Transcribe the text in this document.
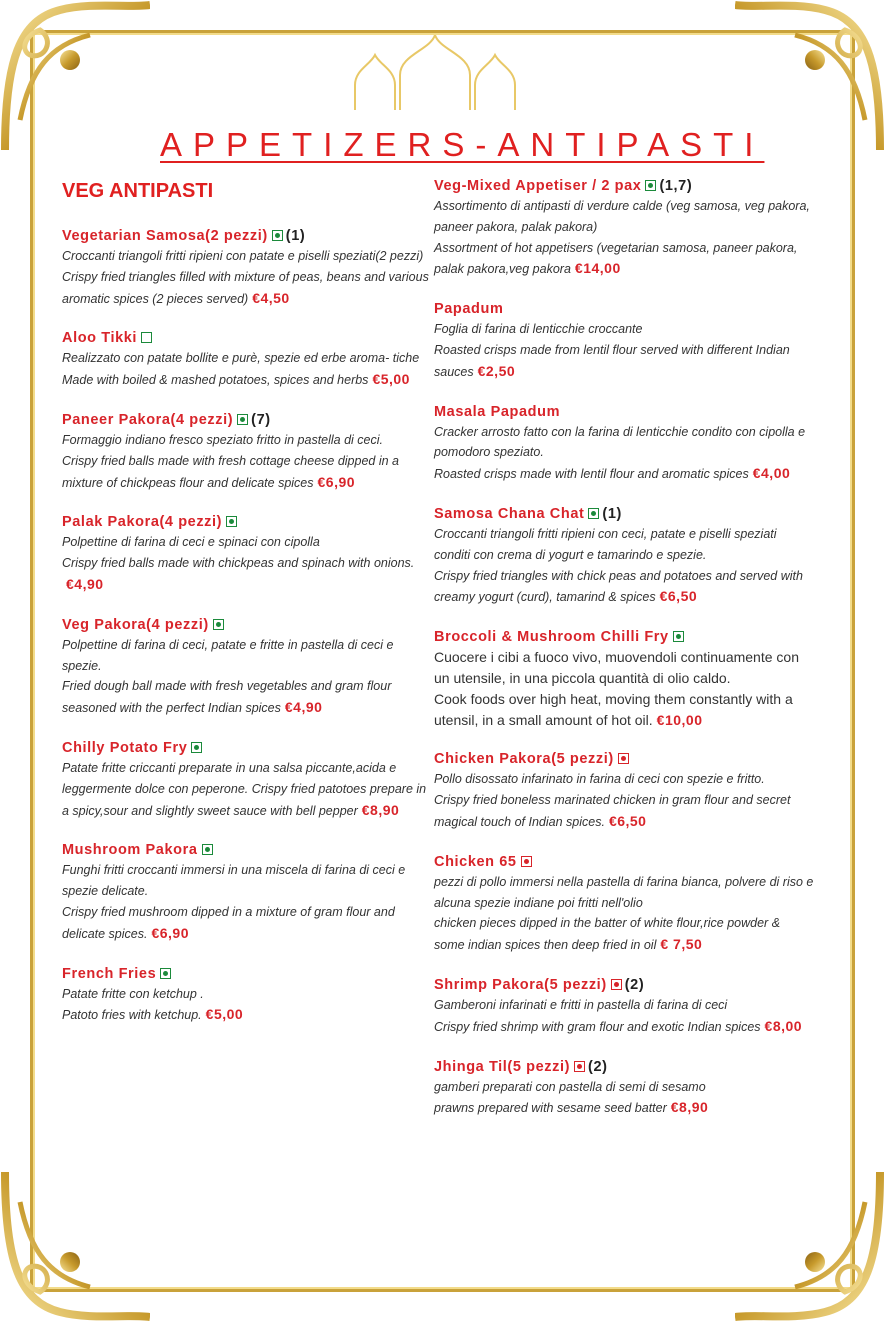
APPETIZERS-ANTIPASTI
VEG ANTIPASTI
Vegetarian Samosa(2 pezzi) (1)
Croccanti triangoli fritti ripieni con patate e piselli speziati(2 pezzi)
Crispy fried triangles filled with mixture of peas, beans and various aromatic spices (2 pieces served) €4,50
Aloo Tikki
Realizzato con patate bollite e purè, spezie ed erbe aroma- tiche
Made with boiled & mashed potatoes, spices and herbs €5,00
Paneer Pakora(4 pezzi) (7)
Formaggio indiano fresco speziato fritto in pastella di ceci.
Crispy fried balls made with fresh cottage cheese dipped in a mixture of chickpeas flour and delicate spices €6,90
Palak Pakora(4 pezzi)
Polpettine di farina di ceci e spinaci con cipolla
Crispy fried balls made with chickpeas and spinach with onions.€4,90
Veg Pakora(4 pezzi)
Polpettine di farina di ceci, patate e fritte in pastella di ceci e spezie.
Fried dough ball made with fresh vegetables and gram flour seasoned with the perfect Indian spices €4,90
Chilly Potato Fry
Patate fritte criccanti preparate in una salsa piccante,acida e leggermente dolce con peperone. Crispy fried patotoes prepare in a spicy,sour and slightly sweet sauce with bell pepper €8,90
Mushroom Pakora
Funghi fritti croccanti immersi in una miscela di farina di ceci e spezie delicate.
Crispy fried mushroom dipped in a mixture of gram flour and delicate spices. €6,90
French Fries
Patate fritte con ketchup .
Patoto fries with ketchup. €5,00
Veg-Mixed Appetiser / 2 pax (1,7)
Assortimento di antipasti di verdure calde (veg samosa, veg pakora, paneer pakora, palak pakora)
Assortment of hot appetisers (vegetarian samosa, paneer pakora, palak pakora,veg pakora €14,00
Papadum
Foglia di farina di lenticchie croccante
Roasted crisps made from lentil flour served with different Indian sauces €2,50
Masala Papadum
Cracker arrosto fatto con la farina di lenticchie condito con cipolla e pomodoro speziato.
Roasted crisps made with lentil flour and aromatic spices €4,00
Samosa Chana Chat (1)
Croccanti triangoli fritti ripieni con ceci, patate e piselli speziati conditi con crema di yogurt e tamarindo e spezie.
Crispy fried triangles with chick peas and potatoes and served with creamy yogurt (curd), tamarind & spices €6,50
Broccoli & Mushroom Chilli Fry
Cuocere i cibi a fuoco vivo, muovendoli continuamente con un utensile, in una piccola quantità di olio caldo.
Cook foods over high heat, moving them constantly with a utensil, in a small amount of hot oil. €10,00
Chicken Pakora(5 pezzi)
Pollo disossato infarinato in farina di ceci con spezie e fritto.
Crispy fried boneless marinated chicken in gram flour and secret magical touch of Indian spices. €6,50
Chicken 65
pezzi di pollo immersi nella pastella di farina bianca, polvere di riso e alcuna spezie indiane poi fritti nell'olio
chicken pieces dipped in the batter of white flour,rice powder & some indian spices then deep fried in oil € 7,50
Shrimp Pakora(5 pezzi) (2)
Gamberoni infarinati e fritti in pastella di farina di ceci
Crispy fried shrimp with gram flour and exotic Indian spices €8,00
Jhinga Til(5 pezzi) (2)
gamberi preparati con pastella di semi di sesamo
prawns prepared with sesame seed batter €8,90
